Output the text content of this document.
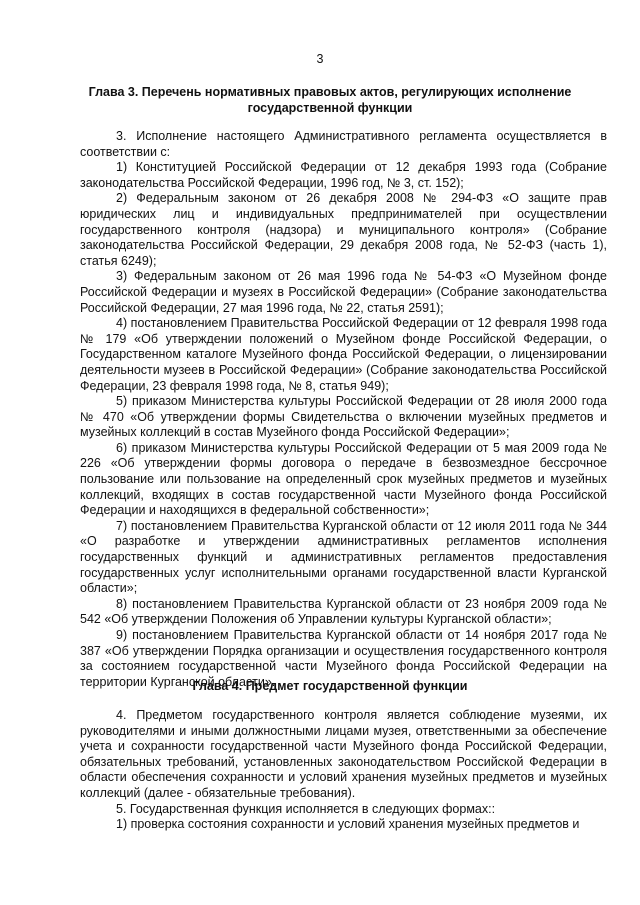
3
Глава 3. Перечень нормативных правовых актов, регулирующих исполнение государственной функции

3. Исполнение настоящего Административного регламента осуществляется в соответствии с:

1) Конституцией Российской Федерации от 12 декабря 1993 года (Собрание законодательства Российской Федерации, 1996 год, № 3, ст. 152);

2) Федеральным законом от 26 декабря 2008 № 294-ФЗ «О защите прав юридических лиц и индивидуальных предпринимателей при осуществлении государственного контроля (надзора) и муниципального контроля» (Собрание законодательства Российской Федерации, 29 декабря 2008 года, № 52-ФЗ (часть 1), статья 6249);

3) Федеральным законом от 26 мая 1996 года № 54-ФЗ «О Музейном фонде Российской Федерации и музеях в Российской Федерации» (Собрание законодательства Российской Федерации, 27 мая 1996 года, № 22, статья 2591);

4) постановлением Правительства Российской Федерации от 12 февраля 1998 года № 179 «Об утверждении положений о Музейном фонде Российской Федерации, о Государственном каталоге Музейного фонда Российской Федерации, о лицензировании деятельности музеев в Российской Федерации» (Собрание законодательства Российской Федерации, 23 февраля 1998 года, № 8, статья 949);

5) приказом Министерства культуры Российской Федерации от 28 июля 2000 года № 470 «Об утверждении формы Свидетельства о включении музейных предметов и музейных коллекций в состав Музейного фонда Российской Федерации»;

6) приказом Министерства культуры Российской Федерации от 5 мая 2009 года № 226 «Об утверждении формы договора о передаче в безвозмездное бессрочное пользование или пользование на определенный срок музейных предметов и музейных коллекций, входящих в состав государственной части Музейного фонда Российской Федерации и находящихся в федеральной собственности»;

7) постановлением Правительства Курганской области от 12 июля 2011 года № 344 «О разработке и утверждении административных регламентов исполнения государственных функций и административных регламентов предоставления государственных услуг исполнительными органами государственной власти Курганской области»;

8) постановлением Правительства Курганской области от 23 ноября 2009 года № 542 «Об утверждении Положения об Управлении культуры Курганской области»;

9) постановлением Правительства Курганской области от 14 ноября 2017 года № 387 «Об утверждении Порядка организации и осуществления государственного контроля за состоянием государственной части Музейного фонда Российской Федерации на территории Курганской области».

Глава 4. Предмет государственной функции

4. Предметом государственного контроля является соблюдение музеями, их руководителями и иными должностными лицами музея, ответственными за обеспечение учета и сохранности государственной части Музейного фонда Российской Федерации, обязательных требований, установленных законодательством Российской Федерации в области обеспечения сохранности и условий хранения музейных предметов и музейных коллекций (далее - обязательные требования).

5. Государственная функция исполняется в следующих формах::

1) проверка состояния сохранности и условий хранения музейных предметов и
